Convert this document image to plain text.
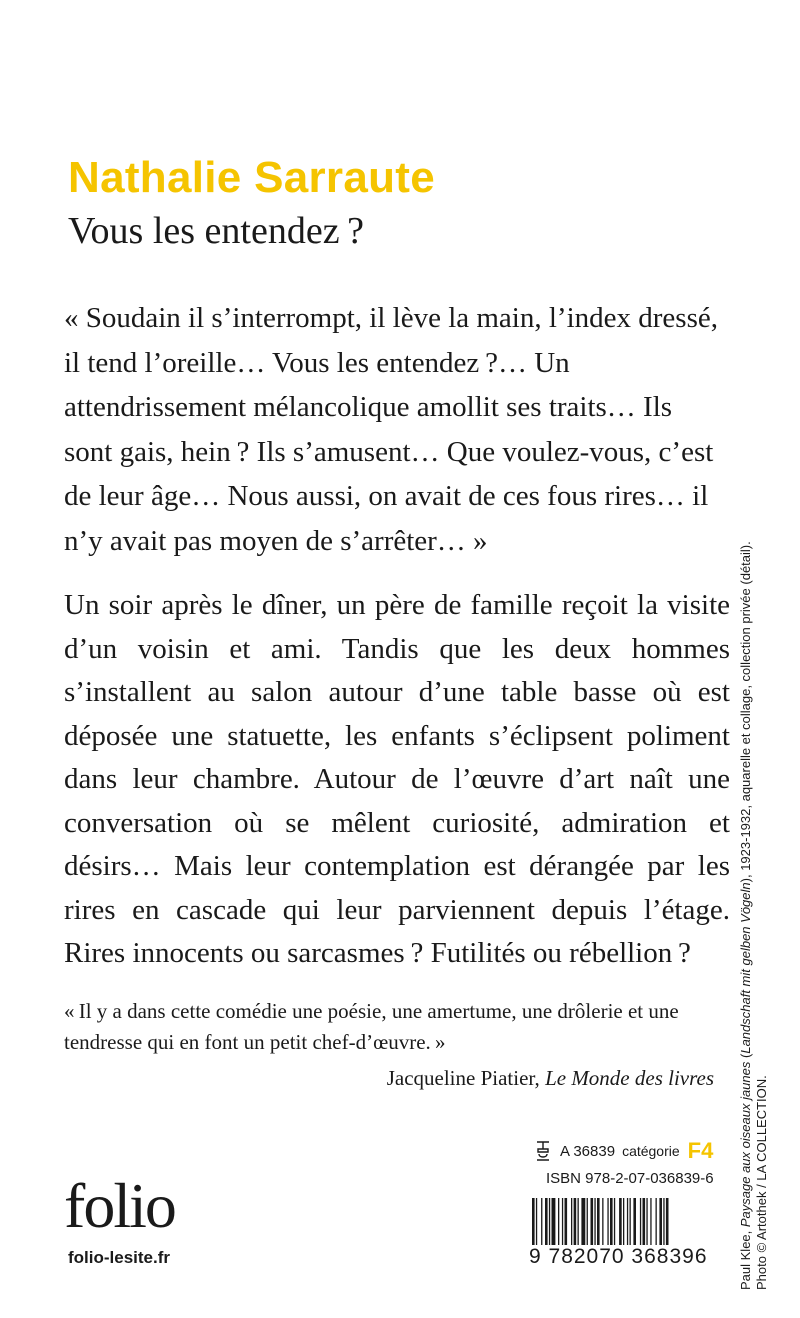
Nathalie Sarraute
Vous les entendez ?
« Soudain il s’interrompt, il lève la main, l’index dressé, il tend l’oreille… Vous les entendez ?… Un attendrissement mélancolique amollit ses traits… Ils sont gais, hein ? Ils s’amusent… Que voulez-vous, c’est de leur âge… Nous aussi, on avait de ces fous rires… il n’y avait pas moyen de s’arrêter… »
Un soir après le dîner, un père de famille reçoit la visite d’un voisin et ami. Tandis que les deux hommes s’installent au salon autour d’une table basse où est déposée une statuette, les enfants s’éclipsent poliment dans leur chambre. Autour de l’œuvre d’art naît une conversation où se mêlent curiosité, admiration et désirs… Mais leur contemplation est dérangée par les rires en cascade qui leur parviennent depuis l’étage. Rires innocents ou sarcasmes ? Futilités ou rébellion ?
« Il y a dans cette comédie une poésie, une amertume, une drôlerie et une tendresse qui en font un petit chef-d’œuvre. »
Jacqueline Piatier, Le Monde des livres
A 36839 catégorie F4
ISBN 978-2-07-036839-6
9 782070 368396
folio
folio-lesite.fr	Paul Klee, Paysage aux oiseaux jaunes (Landschaft mit gelben Vögeln), 1923-1932, aquarelle et collage, collection privée (détail).
Photo © Artothek / LA COLLECTION.
